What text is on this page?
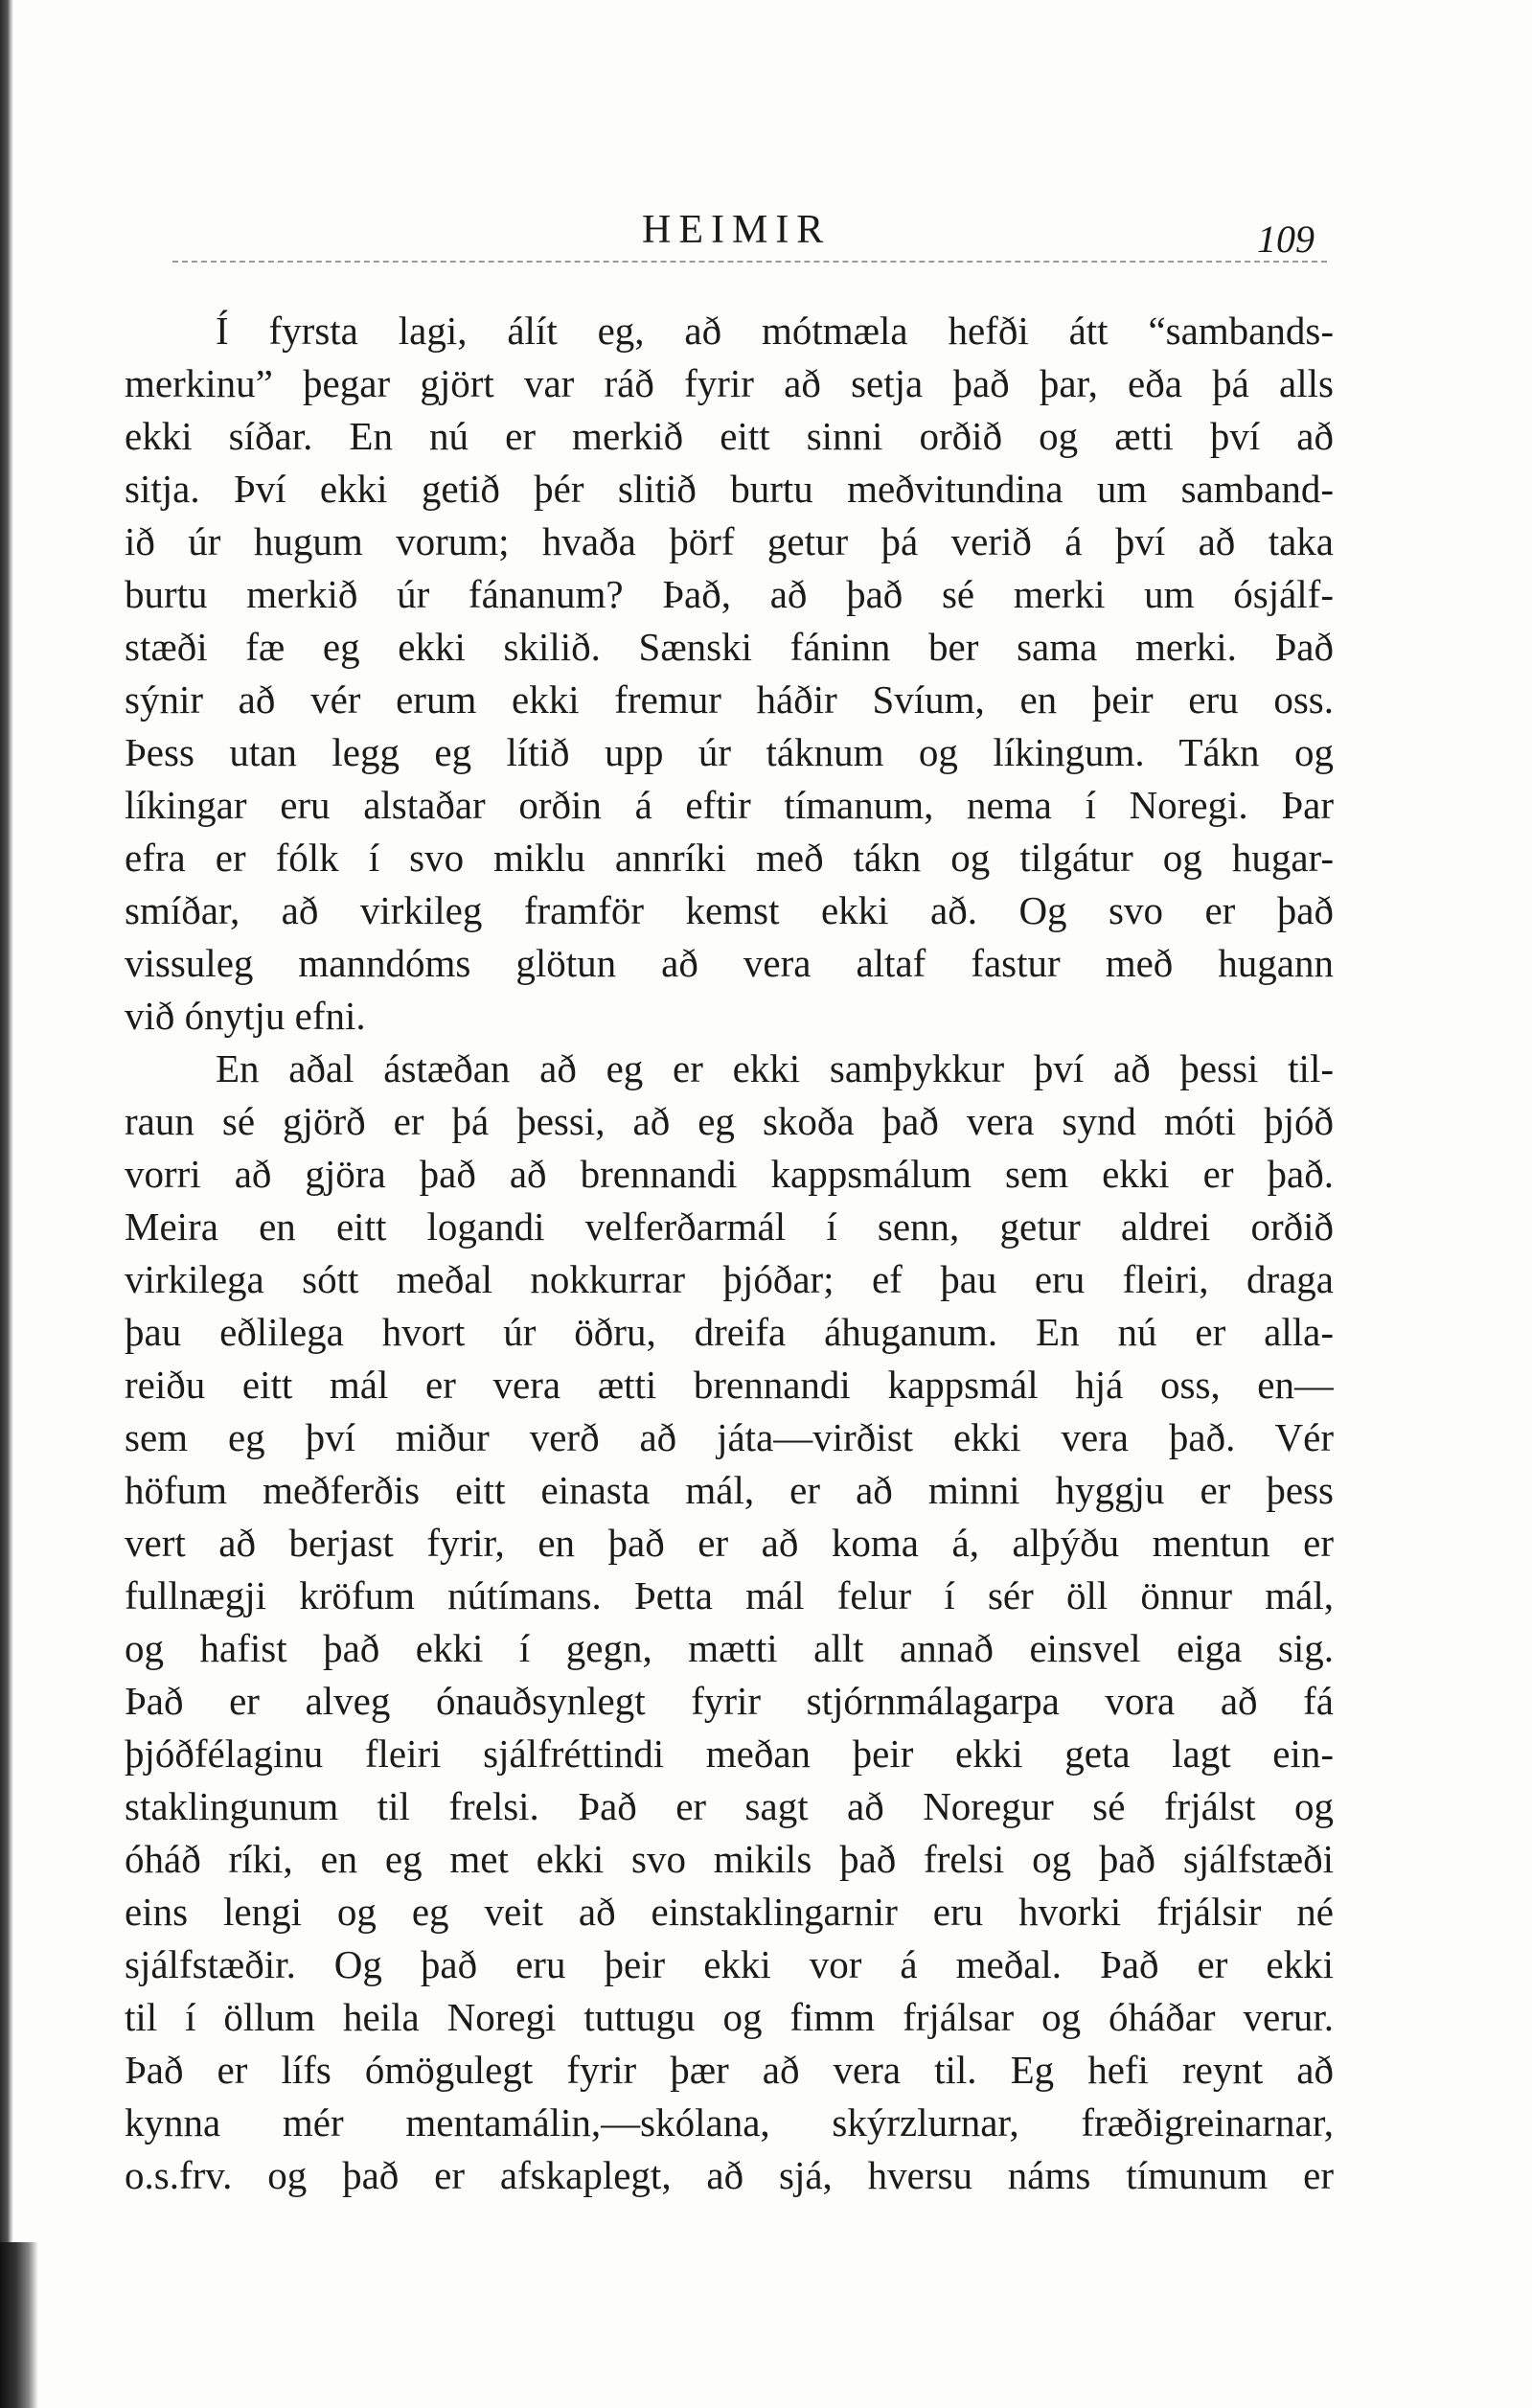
HEIMIR	109
Í fyrsta lagi, álít eg, að mótmæla hefði átt “sambands-
merkinu” þegar gjört var ráð fyrir að setja það þar, eða þá alls
ekki síðar. En nú er merkið eitt sinni orðið og ætti því að
sitja. Því ekki getið þér slitið burtu meðvitundina um samband-
ið úr hugum vorum; hvaða þörf getur þá verið á því að taka
burtu merkið úr fánanum? Það, að það sé merki um ósjálf-
stæði fæ eg ekki skilið. Sænski fáninn ber sama merki. Það
sýnir að vér erum ekki fremur háðir Svíum, en þeir eru oss.
Þess utan legg eg lítið upp úr táknum og líkingum. Tákn og
líkingar eru alstaðar orðin á eftir tímanum, nema í Noregi. Þar
efra er fólk í svo miklu annríki með tákn og tilgátur og hugar-
smíðar, að virkileg framför kemst ekki að. Og svo er það
vissuleg manndóms glötun að vera altaf fastur með hugann
við ónytju efni.
En aðal ástæðan að eg er ekki samþykkur því að þessi til-
raun sé gjörð er þá þessi, að eg skoða það vera synd móti þjóð
vorri að gjöra það að brennandi kappsmálum sem ekki er það.
Meira en eitt logandi velferðarmál í senn, getur aldrei orðið
virkilega sótt meðal nokkurrar þjóðar; ef þau eru fleiri, draga
þau eðlilega hvort úr öðru, dreifa áhuganum. En nú er alla-
reiðu eitt mál er vera ætti brennandi kappsmál hjá oss, en—
sem eg því miður verð að játa—virðist ekki vera það. Vér
höfum meðferðis eitt einasta mál, er að minni hyggju er þess
vert að berjast fyrir, en það er að koma á, alþýðu mentun er
fullnægji kröfum nútímans. Þetta mál felur í sér öll önnur mál,
og hafist það ekki í gegn, mætti allt annað einsvel eiga sig.
Það er alveg ónauðsynlegt fyrir stjórnmálagarpa vora að fá
þjóðfélaginu fleiri sjálfréttindi meðan þeir ekki geta lagt ein-
staklingunum til frelsi. Það er sagt að Noregur sé frjálst og
óháð ríki, en eg met ekki svo mikils það frelsi og það sjálfstæði
eins lengi og eg veit að einstaklingarnir eru hvorki frjálsir né
sjálfstæðir. Og það eru þeir ekki vor á meðal. Það er ekki
til í öllum heila Noregi tuttugu og fimm frjálsar og óháðar verur.
Það er lífs ómögulegt fyrir þær að vera til. Eg hefi reynt að
kynna mér mentamálin,—skólana, skýrzlurnar, fræðigreinarnar,
o.s.frv. og það er afskaplegt, að sjá, hversu náms tímunum er
